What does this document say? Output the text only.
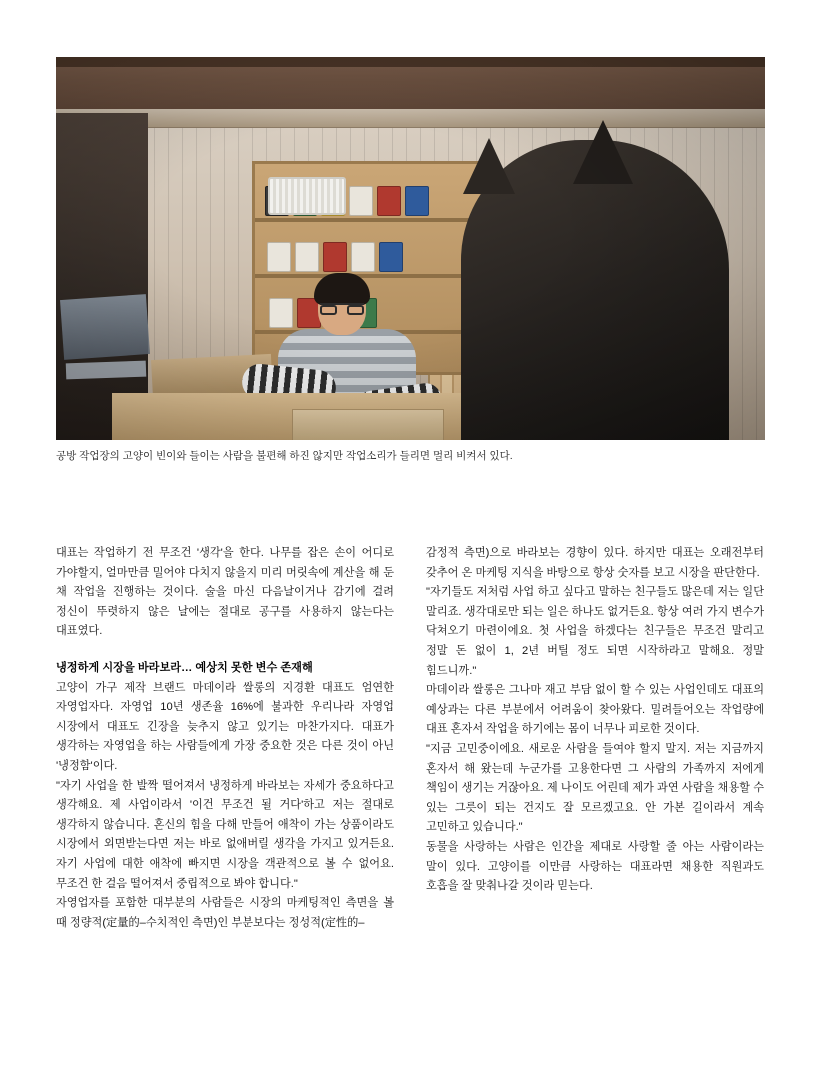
공방 작업장의 고양이 빈이와 들이는 사람을 불편해 하진 않지만 작업소리가 들리면 멀리 비켜서 있다.

대표는 작업하기 전 무조건 '생각'을 한다. 나무를 잡은 손이 어디로 가야할지, 얼마만큼 밀어야 다치지 않을지 미리 머릿속에 계산을 해 둔 채 작업을 진행하는 것이다. 술을 마신 다음날이거나 감기에 걸려 정신이 뚜렷하지 않은 날에는 절대로 공구를 사용하지 않는다는 대표였다.

냉정하게 시장을 바라보라… 예상치 못한 변수 존재해

고양이 가구 제작 브랜드 마데이라 쌀롱의 지경환 대표도 엄연한 자영업자다. 자영업 10년 생존율 16%에 불과한 우리나라 자영업 시장에서 대표도 긴장을 늦추지 않고 있기는 마찬가지다. 대표가 생각하는 자영업을 하는 사람들에게 가장 중요한 것은 다른 것이 아닌 '냉정함'이다.

"자기 사업을 한 발짝 떨어져서 냉정하게 바라보는 자세가 중요하다고 생각해요. 제 사업이라서 '이건 무조건 될 거다'하고 저는 절대로 생각하지 않습니다. 혼신의 힘을 다해 만들어 애착이 가는 상품이라도 시장에서 외면받는다면 저는 바로 없애버릴 생각을 가지고 있거든요. 자기 사업에 대한 애착에 빠지면 시장을 객관적으로 볼 수 없어요. 무조건 한 걸음 떨어져서 중립적으로 봐야 합니다."

자영업자를 포함한 대부분의 사람들은 시장의 마케팅적인 측면을 볼 때 정량적(定量的–수치적인 측면)인 부분보다는 정성적(定性的–

감정적 측면)으로 바라보는 경향이 있다. 하지만 대표는 오래전부터 갖추어 온 마케팅 지식을 바탕으로 항상 숫자를 보고 시장을 판단한다.

"자기들도 저처럼 사업 하고 싶다고 말하는 친구들도 많은데 저는 일단 말리죠. 생각대로만 되는 일은 하나도 없거든요. 항상 여러 가지 변수가 닥쳐오기 마련이에요. 첫 사업을 하겠다는 친구들은 무조건 말리고 정말 돈 없이 1, 2년 버틸 정도 되면 시작하라고 말해요. 정말 힘드니까."

마데이라 쌀롱은 그나마 재고 부담 없이 할 수 있는 사업인데도 대표의 예상과는 다른 부분에서 어려움이 찾아왔다. 밀려들어오는 작업량에 대표 혼자서 작업을 하기에는 몸이 너무나 피로한 것이다.

"지금 고민중이에요. 새로운 사람을 들여야 할지 말지. 저는 지금까지 혼자서 해 왔는데 누군가를 고용한다면 그 사람의 가족까지 저에게 책임이 생기는 거잖아요. 제 나이도 어린데 제가 과연 사람을 채용할 수 있는 그릇이 되는 건지도 잘 모르겠고요. 안 가본 길이라서 계속 고민하고 있습니다."

동물을 사랑하는 사람은 인간을 제대로 사랑할 줄 아는 사람이라는 말이 있다. 고양이를 이만큼 사랑하는 대표라면 채용한 직원과도 호흡을 잘 맞춰나갈 것이라 믿는다.
